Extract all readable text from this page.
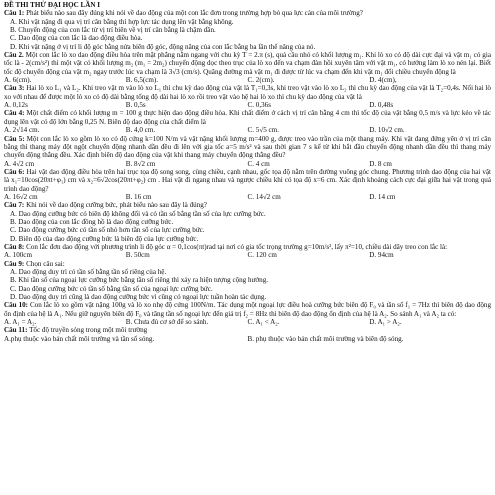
ĐỀ THI THỬ ĐẠI HỌC LẦN I
Câu 1: Phát biểu nào sau đây đúng khi nói về dao động của một con lắc đơn trong trường hợp bỏ qua lực cản của môi trường?
A. Khi vật nặng đi qua vị trí cân bằng thì hợp lực tác dụng lên vật bằng không.
B. Chuyển động của con lắc từ vị trí biên về vị trí cân bằng là chậm dần.
C. Dao động của con lắc là dao động điều hòa.
D. Khi vật nặng ở vị trí li độ góc bằng nửa biên độ góc, động năng của con lắc bằng ba lần thế năng của nó.
Câu 2. Một con lắc lò xo dao động điều hòa trên mặt phẳng nằm ngang với chu kỳ T = 2.π (s), quả cầu nhỏ có khối lượng m₁. Khi lò xo có độ dài cực đại và vật m₁ có gia tốc là - 2(cm/s²) thì một vật có khối lượng m₂ (m₁ = 2m₂) chuyển động dọc theo trục của lò xo đến va chạm đàn hồi xuyên tâm với vật m₁, có hướng làm lò xo nén lại. Biết tốc độ chuyển động của vật m₂ ngay trước lúc va chạm là 3√3 (cm/s). Quãng đường mà vật m₁ đi được từ lúc va chạm đến khi vật m₁ đổi chiều chuyển động là
A. 6(cm).	B. 6,5(cm).	C. 2(cm).	D. 4(cm),
Câu 3: Hai lò xo L₁ và L₂. Khi treo vật m vào lò xo L₁ thì chu kỳ dao động của vật là T₁=0,3s, khi treo vật vào lò xo L₂ thì chu kỳ dao động của vật là T₂=0,4s. Nối hai lò xo với nhau để được một lò xo có độ dài bằng tổng độ dài hai lò xo rồi treo vật vào hệ hai lò xo thì chu kỳ dao động của vật là
A. 0,12s	B. 0,5s	C. 0,36s	D. 0,48s
Câu 4: Một chất điểm có khối lượng m = 100 g thực hiện dao động điều hòa. Khi chất điểm ở cách vị trí cân bằng 4 cm thì tốc độ của vật bằng 0,5 m/s và lực kéo về tác dụng lên vật có độ lớn bằng 0,25 N. Biên độ dao động của chất điểm là
A. 2√14 cm.	B. 4,0 cm.	C. 5√5 cm.	D. 10√2 cm.
Câu 5: Một con lắc lò xo gồm lò xo có độ cứng k=100 N/m và vật nặng khối lượng m=400 g, được treo vào trần của một thang máy. Khi vật đang đứng yên ở vị trí cân bằng thì thang máy đột ngột chuyển động nhanh dần đều đi lên với gia tốc a=5 m/s² và sau thời gian 7 s kể từ khi bắt đầu chuyển động nhanh dần đều thì thang máy chuyển động thẳng đều. Xác định biên độ dao động của vật khi thang máy chuyển động thẳng đều?
A. 4√2 cm	B. 8√2 cm	C. 4 cm	D. 8 cm
Câu 6: Hai vật dao động điều hòa trên hai trục tọa độ song song, cùng chiều, cạnh nhau, gốc tọa độ nằm trên đường vuông góc chung. Phương trình dao động của hai vật là x₁=10cos(20πt+φ₁) cm và x₂=6√2cos(20πt+φ₂) cm . Hai vật đi ngang nhau và ngược chiều khi có tọa độ x=6 cm. Xác định khoảng cách cực đại giữa hai vật trong quá trình dao động?
A. 16√2 cm	B. 16 cm	C. 14√2 cm	D. 14 cm
Câu 7: Khi nói về dao động cưỡng bức, phát biểu nào sau đây là đúng?
A. Dao động cưỡng bức có biên độ không đổi và có tần số bằng tần số của lực cưỡng bức.
B. Dao động của con lắc đồng hồ là dao động cưỡng bức.
C. Dao động cưỡng bức có tần số nhỏ hơn tần số của lực cưỡng bức.
D. Biên độ của dao động cưỡng bức là biên độ của lực cưỡng bức.
Câu 8: Con lắc đơn dao động với phương trình li độ góc α = 0,1cos(πt)rad tại nơi có gia tốc trọng trường g=10m/s², lấy π²=10, chiều dài dây treo con lắc là:
A. 100cm	B. 50cm	C. 120 cm	D. 94cm
Câu 9: Chọn câu sai:
A. Dao động duy trì có tần số bằng tần số riêng của hệ.
B. Khi tần số của ngoại lực cưỡng bức bằng tần số riêng thì xảy ra hiện tượng cộng hưởng.
C. Dao động cưỡng bức có tần số bằng tần số của ngoại lực cưỡng bức.
D. Dao động duy trì cũng là dao động cưỡng bức vì cũng có ngoại lực tuần hoàn tác dụng.
Câu 10: Con lắc lò xo gồm vật nặng 100g và lò xo nhẹ độ cứng 100N/m. Tác dụng một ngoại lực điều hoà cưỡng bức biên độ F₀ và tần số f₁ = 7Hz thì biên độ dao động ổn định của hệ là A₁. Nếu giữ nguyên biên độ F₀ và tăng tần số ngoại lực đến giá trị f₂ = 8Hz thì biên độ dao động ổn định của hệ là A₂. So sánh A₁ và A₂ ta có:
A. A₁ = A₂.	B. Chưa đủ cơ sở để so sánh.	C. A₁ < A₂.	D. A₁ > A₂.
Câu 11: Tốc độ truyền sóng trong một môi trường
A.phụ thuộc vào bản chất môi trường và tần số sóng.	B. phụ thuộc vào bản chất môi trường và biên độ sóng.
